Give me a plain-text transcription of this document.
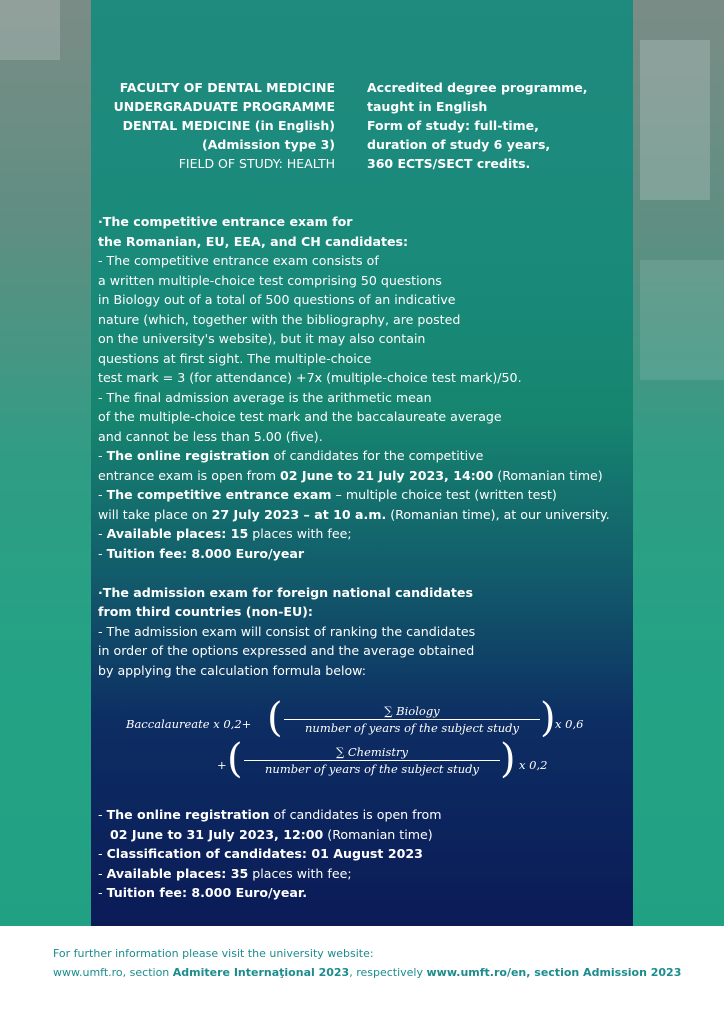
FACULTY OF DENTAL MEDICINE
UNDERGRADUATE PROGRAMME
DENTAL MEDICINE (in English)
(Admission type 3)
FIELD OF STUDY: HEALTH
Accredited degree programme,
taught in English
Form of study: full-time,
duration of study 6 years,
360 ECTS/SECT credits.
·The competitive entrance exam for
the Romanian, EU, EEA, and CH candidates:
- The competitive entrance exam consists of
a written multiple-choice test comprising 50 questions
in Biology out of a total of 500 questions of an indicative
nature (which, together with the bibliography, are posted
on the university's website), but it may also contain
questions at first sight. The multiple-choice
test mark = 3 (for attendance) +7x (multiple-choice test mark)/50.
- The final admission average is the arithmetic mean
of the multiple-choice test mark and the baccalaureate average
and cannot be less than 5.00 (five).
- The online registration of candidates for the competitive
entrance exam is open from 02 June to 21 July 2023, 14:00 (Romanian time)
- The competitive entrance exam – multiple choice test (written test)
will take place on 27 July 2023 – at 10 a.m. (Romanian time), at our university.
- Available places: 15 places with fee;
- Tuition fee: 8.000 Euro/year
·The admission exam for foreign national candidates
from third countries (non-EU):
- The admission exam will consist of ranking the candidates
in order of the options expressed and the average obtained
by applying the calculation formula below:
Baccalaureate x 0,2+ (	∑ Biology
number of years of the subject study ) x 0,6
+ (	∑ Chemistry
number of years of the subject study ) x 0,2
- The online registration of candidates is open from
02 June to 31 July 2023, 12:00 (Romanian time)
- Classification of candidates: 01 August 2023
- Available places: 35 places with fee;
- Tuition fee: 8.000 Euro/year.
For further information please visit the university website:
www.umft.ro, section Admitere Internaţional 2023, respectively www.umft.ro/en, section Admission 2023
